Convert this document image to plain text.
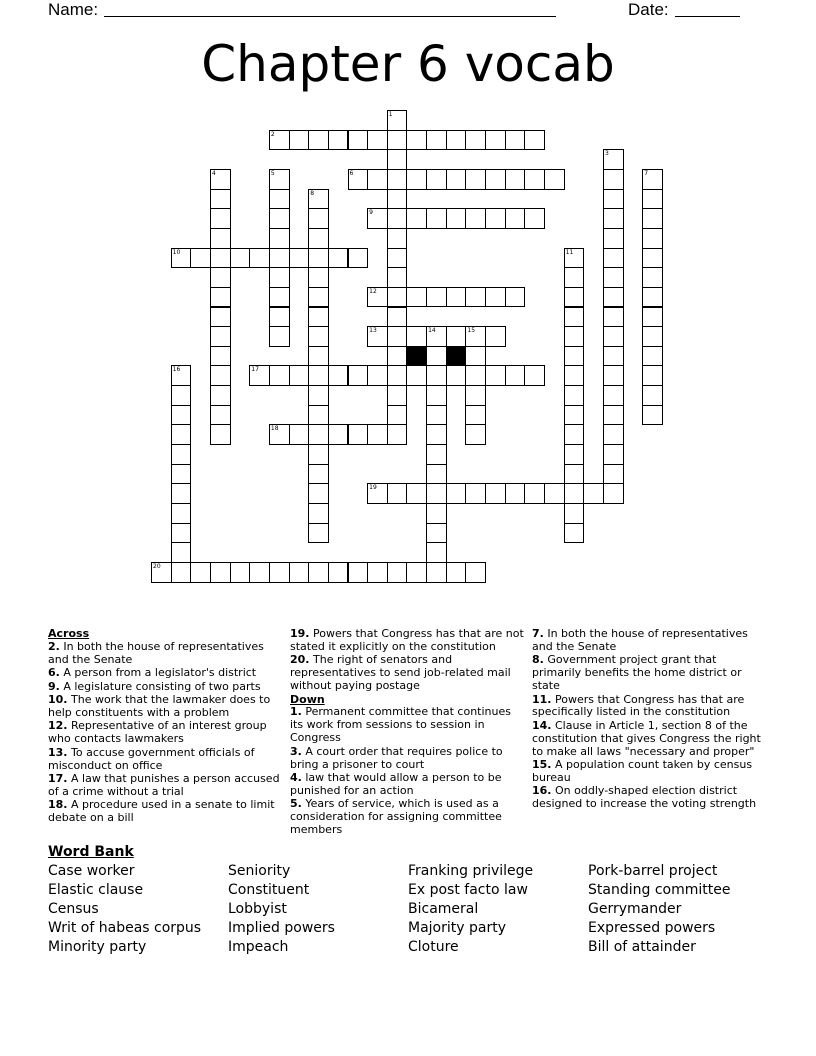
Name:	Date:
Chapter 6 vocab
2
6
9
10
12
13	14	15
17
18
19
20
1
3
4	5	7
8
11
16
Across
2. In both the house of representatives and the Senate
6. A person from a legislator's district
9. A legislature consisting of two parts
10. The work that the lawmaker does to help constituents with a problem
12. Representative of an interest group who contacts lawmakers
13. To accuse government officials of misconduct on office
17. A law that punishes a person accused of a crime without a trial
18. A procedure used in a senate to limit debate on a bill
19. Powers that Congress has that are not stated it explicitly on the constitution
20. The right of senators and representatives to send job-related mail without paying postage
Down
1. Permanent committee that continues its work from sessions to session in Congress
3. A court order that requires police to bring a prisoner to court
4. law that would allow a person to be punished for an action
5. Years of service, which is used as a consideration for assigning committee members
7. In both the house of representatives and the Senate
8. Government project grant that primarily benefits the home district or state
11. Powers that Congress has that are specifically listed in the constitution
14. Clause in Article 1, section 8 of the constitution that gives Congress the right to make all laws "necessary and proper"
15. A population count taken by census bureau
16. On oddly-shaped election district designed to increase the voting strength
Word Bank
Case worker
Elastic clause
Census
Writ of habeas corpus
Minority party
Seniority
Constituent
Lobbyist
Implied powers
Impeach
Franking privilege
Ex post facto law
Bicameral
Majority party
Cloture
Pork-barrel project
Standing committee
Gerrymander
Expressed powers
Bill of attainder
